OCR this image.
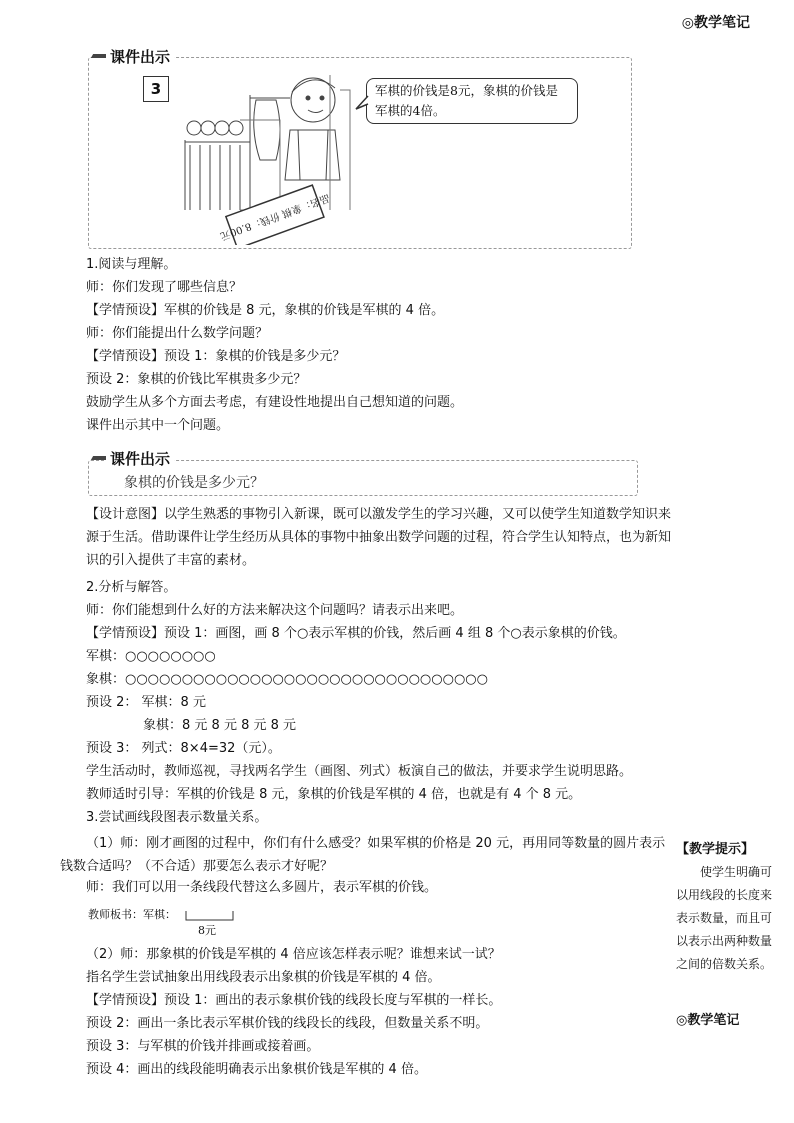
◎教学笔记
课件出示
3
品名：象棋 价钱：8.00元
军棋的价钱是8元，象棋的价钱是军棋的4倍。
1.阅读与理解。
师：你们发现了哪些信息？
【学情预设】军棋的价钱是 8 元，象棋的价钱是军棋的 4 倍。
师：你们能提出什么数学问题？
【学情预设】预设 1：象棋的价钱是多少元？
预设 2：象棋的价钱比军棋贵多少元？
鼓励学生从多个方面去考虑，有建设性地提出自己想知道的问题。
课件出示其中一个问题。
课件出示
象棋的价钱是多少元？
【设计意图】以学生熟悉的事物引入新课，既可以激发学生的学习兴趣，又可以使学生知道数学知识来源于生活。借助课件让学生经历从具体的事物中抽象出数学问题的过程，符合学生认知特点，也为新知识的引入提供了丰富的素材。
2.分析与解答。
师：你们能想到什么好的方法来解决这个问题吗？请表示出来吧。
【学情预设】预设 1：画图，画 8 个○表示军棋的价钱，然后画 4 组 8 个○表示象棋的价钱。
军棋：○○○○○○○○
象棋：○○○○○○○○○○○○○○○○○○○○○○○○○○○○○○○○
预设 2： 军棋：8 元
象棋：8 元 8 元 8 元 8 元
预设 3： 列式：8×4=32（元）。
学生活动时，教师巡视，寻找两名学生（画图、列式）板演自己的做法，并要求学生说明思路。
教师适时引导：军棋的价钱是 8 元，象棋的价钱是军棋的 4 倍，也就是有 4 个 8 元。
3.尝试画线段图表示数量关系。
（1）师：刚才画图的过程中，你们有什么感受？如果军棋的价格是 20 元，再用同等数量的圆片表示钱数合适吗？（不合适）那要怎么表示才好呢？
师：我们可以用一条线段代替这么多圆片，表示军棋的价钱。
教师板书：军棋：
8元
（2）师：那象棋的价钱是军棋的 4 倍应该怎样表示呢？谁想来试一试？
指名学生尝试抽象出用线段表示出象棋的价钱是军棋的 4 倍。
【学情预设】预设 1：画出的表示象棋价钱的线段长度与军棋的一样长。
预设 2：画出一条比表示军棋价钱的线段长的线段，但数量关系不明。
预设 3：与军棋的价钱并排画或接着画。
预设 4：画出的线段能明确表示出象棋价钱是军棋的 4 倍。
【教学提示】
　　使学生明确可以用线段的长度来表示数量，而且可以表示出两种数量之间的倍数关系。
◎教学笔记
